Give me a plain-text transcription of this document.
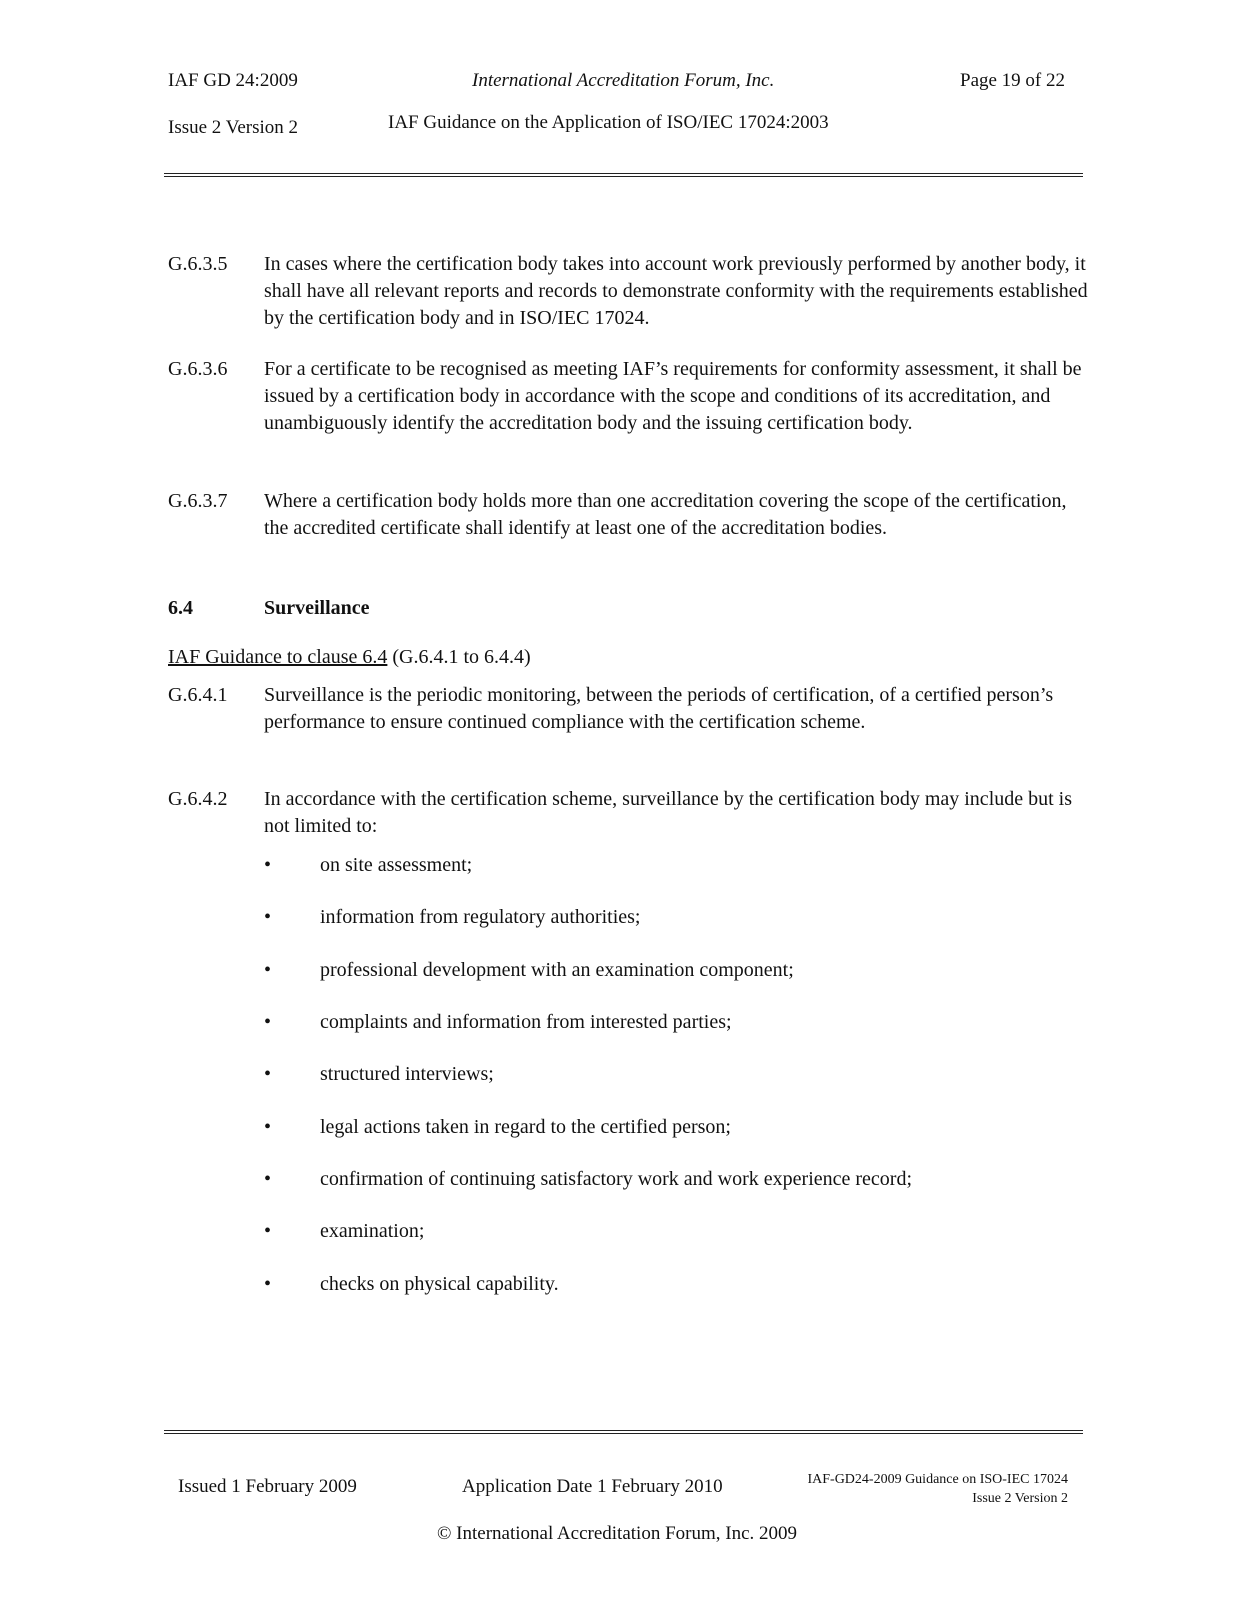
IAF GD 24:2009	International Accreditation Forum, Inc.	Page 19 of 22
Issue 2 Version 2	IAF Guidance on the Application of ISO/IEC 17024:2003
G.6.3.5	In cases where the certification body takes into account work previously performed by another body, it shall have all relevant reports and records to demonstrate conformity with the requirements established by the certification body and in ISO/IEC 17024.
G.6.3.6	For a certificate to be recognised as meeting IAF’s requirements for conformity assessment, it shall be issued by a certification body in accordance with the scope and conditions of its accreditation, and unambiguously identify the accreditation body and the issuing certification body.
G.6.3.7	Where a certification body holds more than one accreditation covering the scope of the certification, the accredited certificate shall identify at least one of the accreditation bodies.
6.4	Surveillance
IAF Guidance to clause 6.4 (G.6.4.1 to 6.4.4)
G.6.4.1	Surveillance is the periodic monitoring, between the periods of certification, of a certified person’s performance to ensure continued compliance with the certification scheme.
G.6.4.2	In accordance with the certification scheme, surveillance by the certification body may include but is not limited to:
• on site assessment;
• information from regulatory authorities;
• professional development with an examination component;
• complaints and information from interested parties;
• structured interviews;
• legal actions taken in regard to the certified person;
• confirmation of continuing satisfactory work and work experience record;
• examination;
• checks on physical capability.
Issued 1 February 2009	Application Date 1 February 2010	IAF-GD24-2009 Guidance on ISO-IEC 17024
Issue 2 Version 2
© International Accreditation Forum, Inc. 2009
